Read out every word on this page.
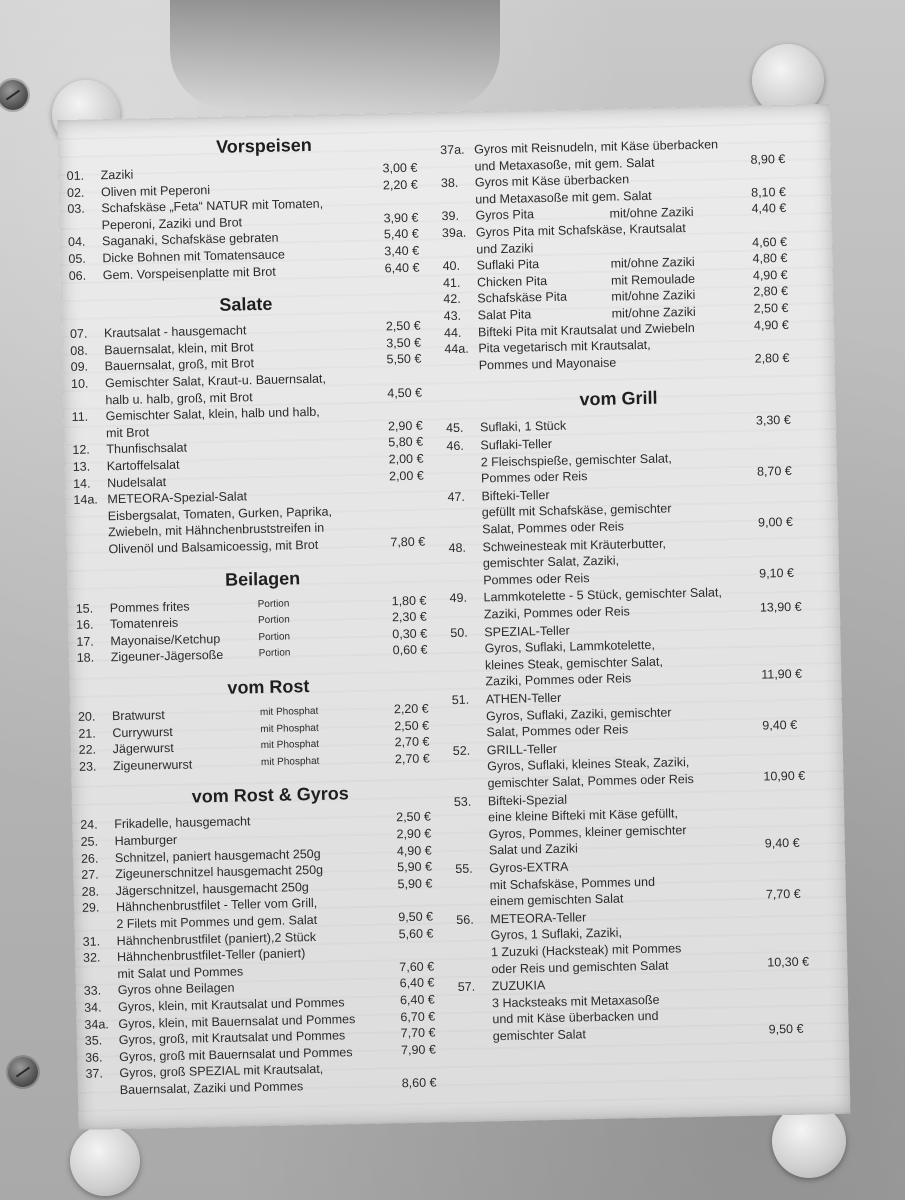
Vorspeisen
01. Zaziki	3,00 €
02. Oliven mit Peperoni	2,20 €
03. Schafskäse „Feta“ NATUR mit Tomaten,
Peperoni, Zaziki und Brot	3,90 €
04. Saganaki, Schafskäse gebraten	5,40 €
05. Dicke Bohnen mit Tomatensauce	3,40 €
06. Gem. Vorspeisenplatte mit Brot	6,40 €
Salate
07. Krautsalat - hausgemacht	2,50 €
08. Bauernsalat, klein, mit Brot	3,50 €
09. Bauernsalat, groß, mit Brot	5,50 €
10. Gemischter Salat, Kraut-u. Bauernsalat,
halb u. halb, groß, mit Brot	4,50 €
11. Gemischter Salat, klein, halb und halb,
mit Brot	2,90 €
12. Thunfischsalat	5,80 €
13. Kartoffelsalat	2,00 €
14. Nudelsalat	2,00 €
14a. METEORA-Spezial-Salat
Eisbergsalat, Tomaten, Gurken, Paprika,
Zwiebeln, mit Hähnchenbruststreifen in
Olivenöl und Balsamicoessig, mit Brot	7,80 €
Beilagen
15. Pommes frites	Portion	1,80 €
16. Tomatenreis	Portion	2,30 €
17. Mayonaise/Ketchup	Portion	0,30 €
18. Zigeuner-Jägersoße	Portion	0,60 €
vom Rost
20. Bratwurst	mit Phosphat	2,20 €
21. Currywurst	mit Phosphat	2,50 €
22. Jägerwurst	mit Phosphat	2,70 €
23. Zigeunerwurst	mit Phosphat	2,70 €
vom Rost & Gyros
24. Frikadelle, hausgemacht	2,50 €
25. Hamburger	2,90 €
26. Schnitzel, paniert hausgemacht 250g	4,90 €
27. Zigeunerschnitzel hausgemacht 250g	5,90 €
28. Jägerschnitzel, hausgemacht 250g	5,90 €
29. Hähnchenbrustfilet - Teller vom Grill,
2 Filets mit Pommes und gem. Salat	9,50 €
31. Hähnchenbrustfilet (paniert),2 Stück	5,60 €
32. Hähnchenbrustfilet-Teller (paniert)
mit Salat und Pommes	7,60 €
33. Gyros ohne Beilagen	6,40 €
34. Gyros, klein, mit Krautsalat und Pommes	6,40 €
34a. Gyros, klein, mit Bauernsalat und Pommes	6,70 €
35. Gyros, groß, mit Krautsalat und Pommes	7,70 €
36. Gyros, groß mit Bauernsalat und Pommes	7,90 €
37. Gyros, groß SPEZIAL mit Krautsalat,
Bauernsalat, Zaziki und Pommes	8,60 €
37a. Gyros mit Reisnudeln, mit Käse überbacken
und Metaxasoße, mit gem. Salat	8,90 €
38. Gyros mit Käse überbacken
und Metaxasoße mit gem. Salat	8,10 €
39. Gyros Pita	mit/ohne Zaziki	4,40 €
39a. Gyros Pita mit Schafskäse, Krautsalat
und Zaziki	4,60 €
40. Suflaki Pita	mit/ohne Zaziki	4,80 €
41. Chicken Pita	mit Remoulade	4,90 €
42. Schafskäse Pita	mit/ohne Zaziki	2,80 €
43. Salat Pita	mit/ohne Zaziki	2,50 €
44. Bifteki Pita mit Krautsalat und Zwiebeln	4,90 €
44a. Pita vegetarisch mit Krautsalat,
Pommes und Mayonaise	2,80 €
vom Grill
45. Suflaki, 1 Stück	3,30 €
46. Suflaki-Teller
2 Fleischspieße, gemischter Salat,
Pommes oder Reis	8,70 €
47. Bifteki-Teller
gefüllt mit Schafskäse, gemischter
Salat, Pommes oder Reis	9,00 €
48. Schweinesteak mit Kräuterbutter,
gemischter Salat, Zaziki,
Pommes oder Reis	9,10 €
49. Lammkotelette - 5 Stück, gemischter Salat,
Zaziki, Pommes oder Reis	13,90 €
50. SPEZIAL-Teller
Gyros, Suflaki, Lammkotelette,
kleines Steak, gemischter Salat,
Zaziki, Pommes oder Reis	11,90 €
51. ATHEN-Teller
Gyros, Suflaki, Zaziki, gemischter
Salat, Pommes oder Reis	9,40 €
52. GRILL-Teller
Gyros, Suflaki, kleines Steak, Zaziki,
gemischter Salat, Pommes oder Reis	10,90 €
53. Bifteki-Spezial
eine kleine Bifteki mit Käse gefüllt,
Gyros, Pommes, kleiner gemischter
Salat und Zaziki	9,40 €
55. Gyros-EXTRA
mit Schafskäse, Pommes und
einem gemischten Salat	7,70 €
56. METEORA-Teller
Gyros, 1 Suflaki, Zaziki,
1 Zuzuki (Hacksteak) mit Pommes
oder Reis und gemischten Salat	10,30 €
57. ZUZUKIA
3 Hacksteaks mit Metaxasoße
und mit Käse überbacken und
gemischter Salat	9,50 €
